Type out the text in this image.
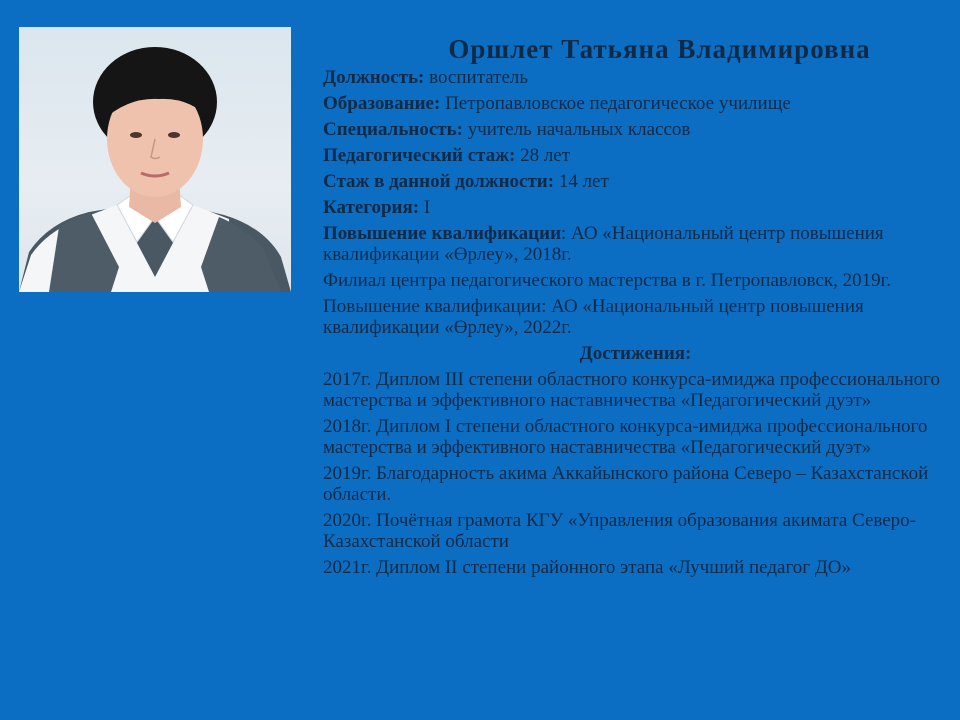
Оршлет Татьяна Владимировна
Должность: воспитатель
Образование: Петропавловское педагогическое училище
Специальность: учитель начальных классов
Педагогический стаж: 28 лет
Стаж в данной должности: 14 лет
Категория: I
Повышение квалификации: АО «Национальный центр повышения квалификации «Өрлеу», 2018г.
Филиал центра педагогического мастерства в г. Петропавловск, 2019г.
Повышение квалификации: АО «Национальный центр повышения квалификации «Өрлеу», 2022г.
Достижения:
2017г. Диплом III степени областного конкурса-имиджа профессионального мастерства и эффективного наставничества «Педагогический дуэт»
2018г. Диплом I степени областного конкурса-имиджа профессионального мастерства и эффективного наставничества «Педагогический дуэт»
2019г. Благодарность акима Аккайынского района Северо – Казахстанской области.
2020г. Почётная грамота КГУ «Управления образования акимата Северо-Казахстанской области
2021г. Диплом II степени районного этапа «Лучший педагог ДО»
